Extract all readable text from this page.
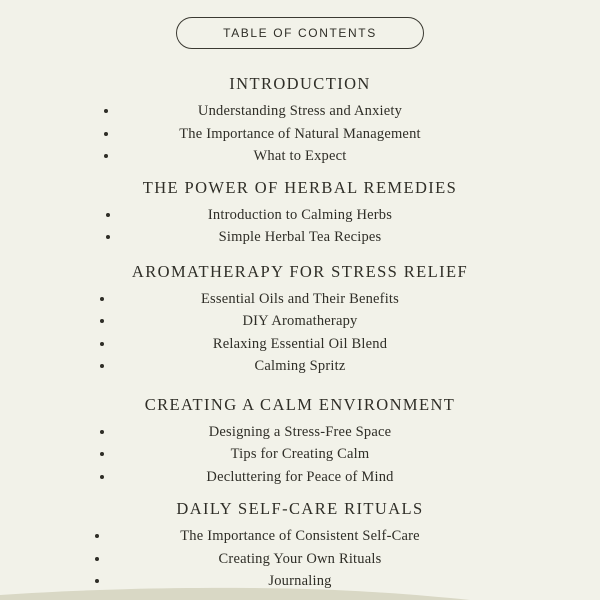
TABLE OF CONTENTS
INTRODUCTION
Understanding Stress and Anxiety
The Importance of Natural Management
What to Expect
THE POWER OF HERBAL REMEDIES
Introduction to Calming Herbs
Simple Herbal Tea Recipes
AROMATHERAPY FOR STRESS RELIEF
Essential Oils and Their Benefits
DIY Aromatherapy
Relaxing Essential Oil Blend
Calming Spritz
CREATING A CALM ENVIRONMENT
Designing a Stress-Free Space
Tips for Creating Calm
Decluttering for Peace of Mind
DAILY SELF-CARE RITUALS
The Importance of Consistent Self-Care
Creating Your Own Rituals
Journaling
